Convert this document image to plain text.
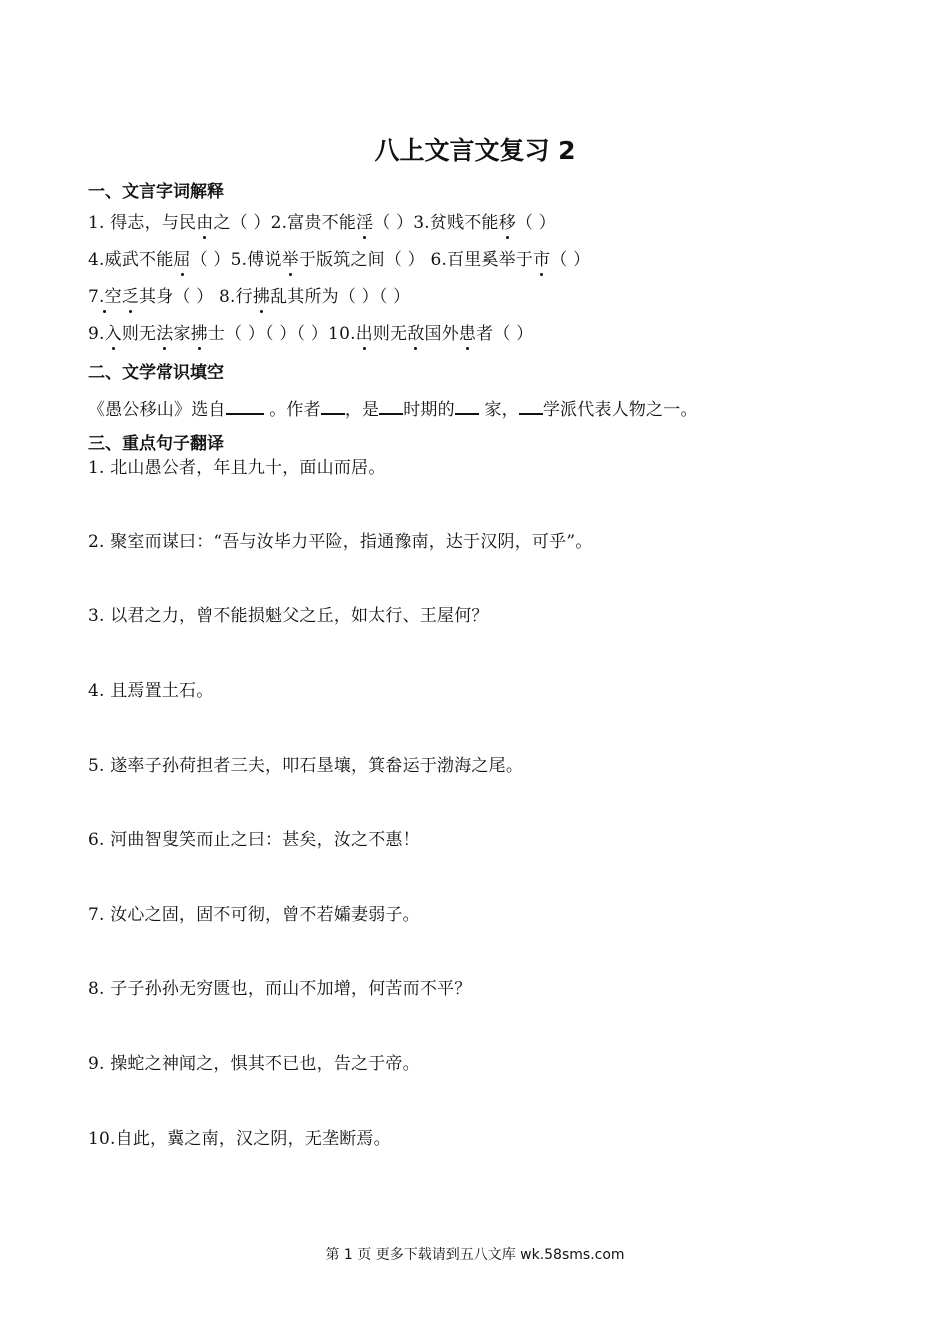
八上文言文复习 2
一、文言字词解释
1. 得志，与民由之（ ）2.富贵不能淫（ ）3.贫贱不能移（ ）
4.威武不能屈（ ）5.傅说举于版筑之间（ ） 6.百里奚举于市（ ）
7.空乏其身（ ） 8.行拂乱其所为（ ）（ ）
9.入则无法家拂士（ ）（ ）（ ）10.出则无敌国外患者（ ）
二、文学常识填空
《愚公移山》选自 。作者 ，是 时期的 家， 学派代表人物之一。
三、重点句子翻译
1. 北山愚公者，年且九十，面山而居。
2. 聚室而谋曰：“吾与汝毕力平险，指通豫南，达于汉阴，可乎”。
3. 以君之力，曾不能损魁父之丘，如太行、王屋何？
4. 且焉置土石。
5. 遂率子孙荷担者三夫，叩石垦壤，箕畚运于渤海之尾。
6. 河曲智叟笑而止之曰：甚矣，汝之不惠！
7. 汝心之固，固不可彻，曾不若孀妻弱子。
8. 子子孙孙无穷匮也，而山不加增，何苦而不平？
9. 操蛇之神闻之，惧其不已也，告之于帝。
10.自此，冀之南，汉之阴，无垄断焉。
第 1 页 更多下载请到五八文库 wk.58sms.com
